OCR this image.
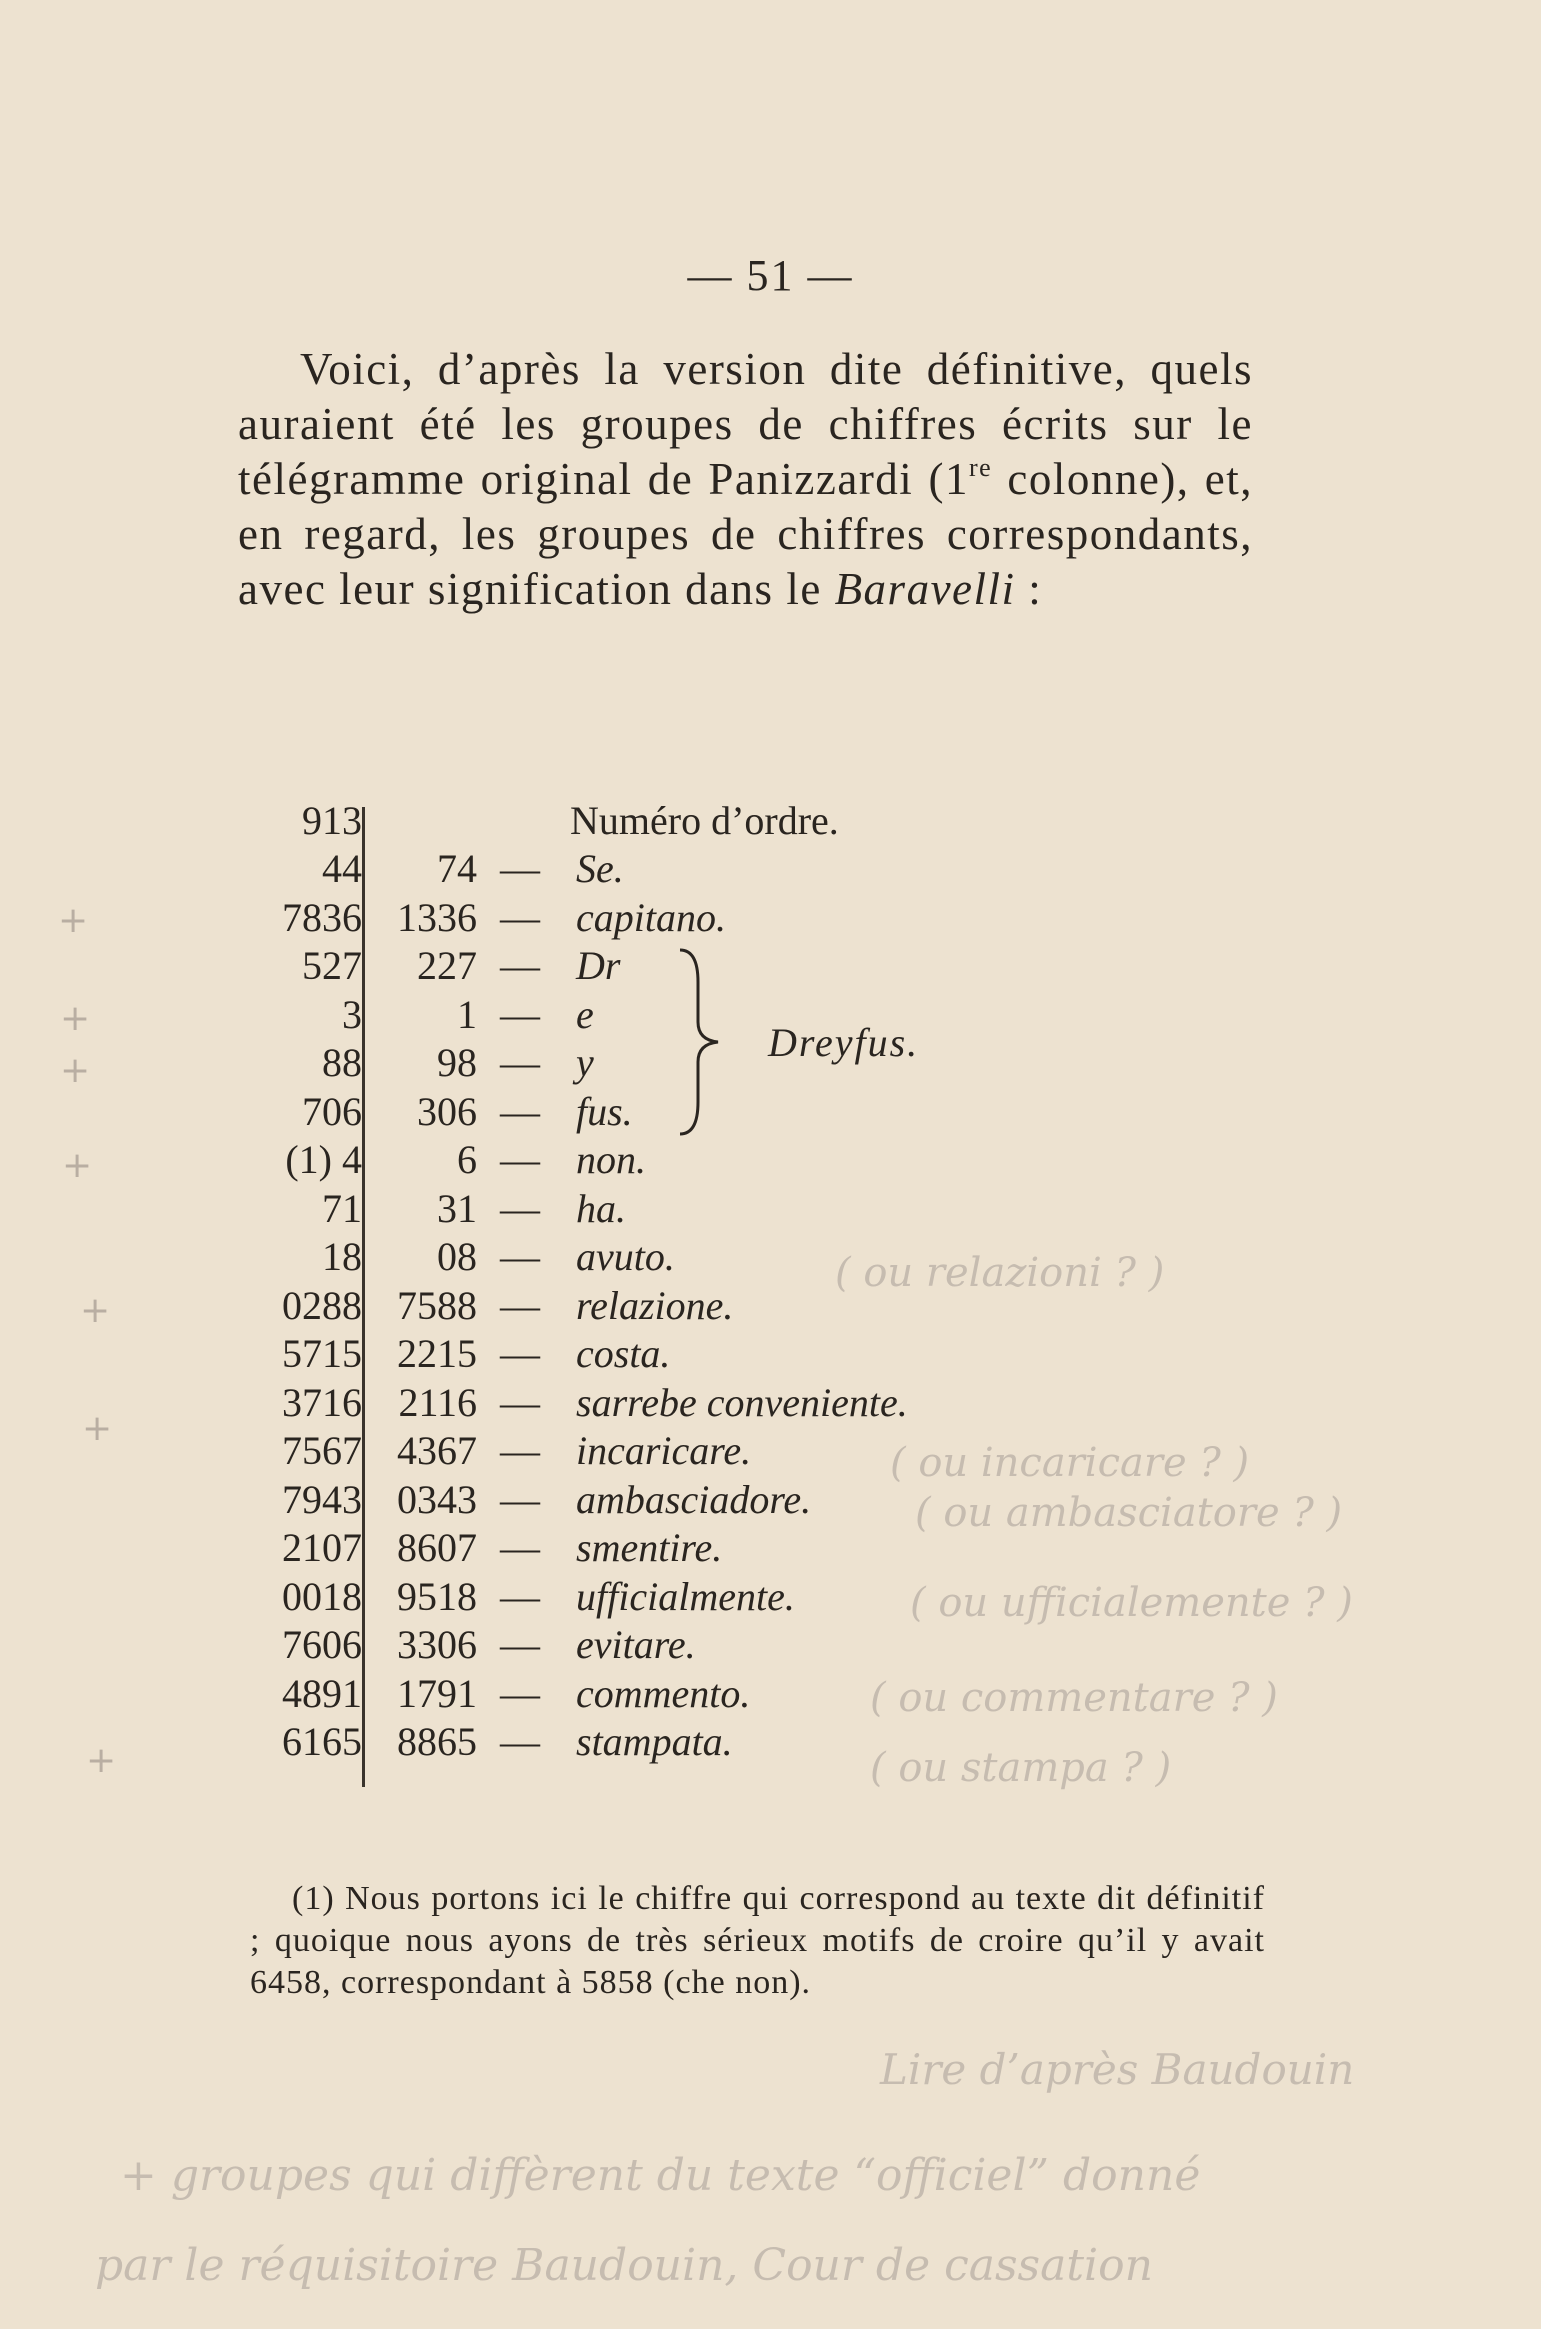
— 51 —

Voici, d’après la version dite définitive, quels auraient été les groupes de chiffres écrits sur le télégramme original de Panizzardi (1re colonne), et, en regard, les groupes de chiffres correspondants, avec leur signification dans le Baravelli :

913	Numéro d’ordre.
44 74 — Se.
7836 1336 — capitano.
527 227 — Dr
3 1 — e
88 98 — y
706 306 — fus.
(1) 4 6 — non.
71 31 — ha.
18 08 — avuto.
0288 7588 — relazione.
5715 2215 — costa.
3716 2116 — sarrebe conveniente.
7567 4367 — incaricare.
7943 0343 — ambasciadore.
2107 8607 — smentire.
0018 9518 — ufficialmente.
7606 3306 — evitare.
4891 1791 — commento.
6165 8865 — stampata.
Dreyfus.

(1) Nous portons ici le chiffre qui correspond au texte dit définitif ; quoique nous ayons de très sérieux motifs de croire qu’il y avait 6458, correspondant à 5858 (che non).

( ou relazioni ? )
( ou incaricare ? )
( ou ambasciatore ? )
( ou ufficialemente ? )
( ou commentare ? )
( ou stampa ? )
Lire d’après Baudouin
+ groupes qui diffèrent du texte “officiel” donné
par le réquisitoire Baudouin, Cour de cassation
+
+
+
+
+
+
+
